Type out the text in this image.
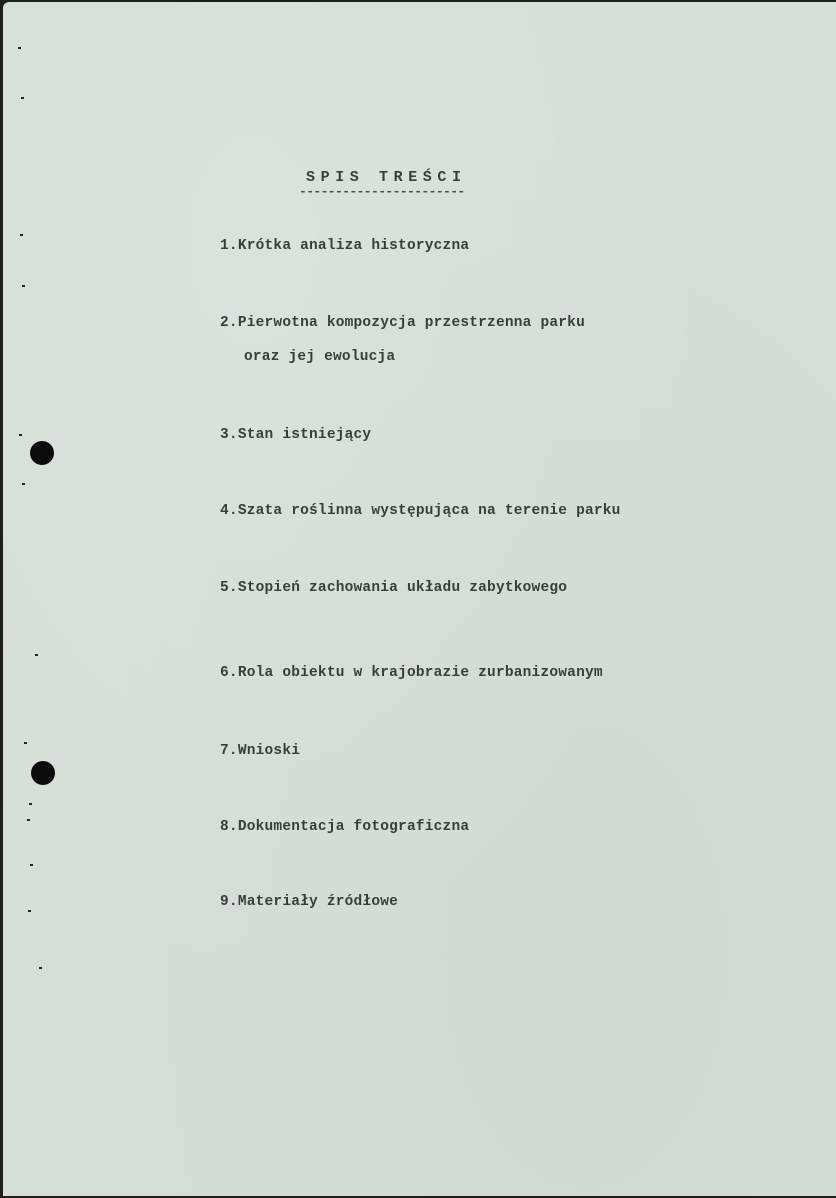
SPIS TREŚCI
-----------------------
1.Krótka analiza historyczna
2.Pierwotna kompozycja przestrzenna parku
oraz jej ewolucja
3.Stan istniejący
4.Szata roślinna występująca na terenie parku
5.Stopień zachowania układu zabytkowego
6.Rola obiektu w krajobrazie zurbanizowanym
7.Wnioski
8.Dokumentacja fotograficzna
9.Materiały źródłowe
